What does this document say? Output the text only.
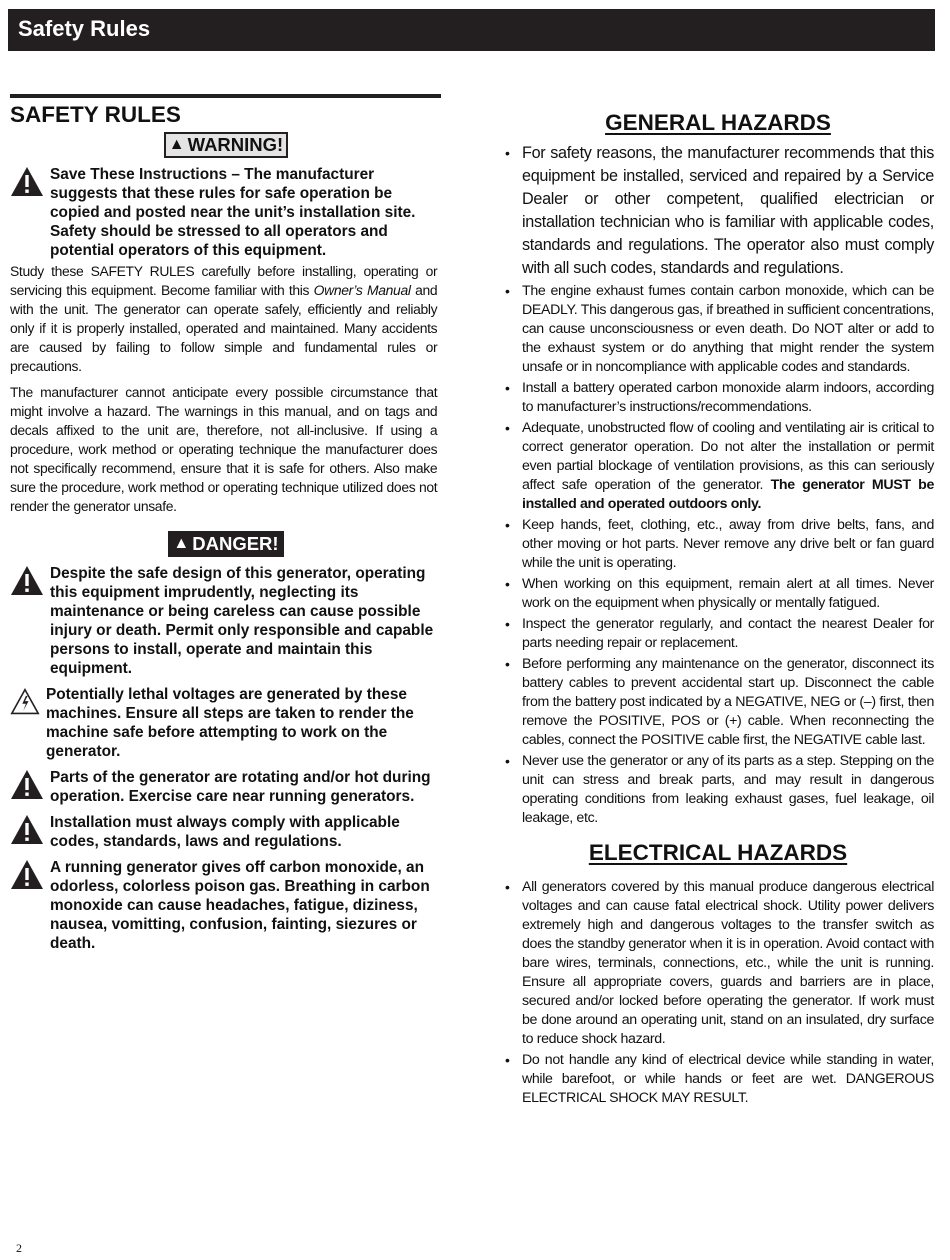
Safety Rules
SAFETY RULES
▲ WARNING!
Save These Instructions – The manufacturer suggests that these rules for safe operation be copied and posted near the unit’s installation site. Safety should be stressed to all operators and potential operators of this equipment.
Study these SAFETY RULES carefully before installing, operating or servicing this equipment. Become familiar with this Owner’s Manual and with the unit. The generator can operate safely, efficiently and reliably only if it is properly installed, operated and maintained. Many accidents are caused by failing to follow simple and fundamental rules or precautions.
The manufacturer cannot anticipate every possible circumstance that might involve a hazard. The warnings in this manual, and on tags and decals affixed to the unit are, therefore, not all-inclusive. If using a procedure, work method or operating technique the manufacturer does not specifically recommend, ensure that it is safe for others. Also make sure the procedure, work method or operating technique utilized does not render the generator unsafe.
▲ DANGER!
Despite the safe design of this generator, operating this equipment imprudently, neglecting its maintenance or being careless can cause possible injury or death. Permit only responsible and capable persons to install, operate and maintain this equipment.
Potentially lethal voltages are generated by these machines. Ensure all steps are taken to render the machine safe before attempting to work on the generator.
Parts of the generator are rotating and/or hot during operation. Exercise care near running generators.
Installation must always comply with applicable codes, standards, laws and regulations.
A running generator gives off carbon monoxide, an odorless, colorless poison gas. Breathing in carbon monoxide can cause headaches, fatigue, diziness, nausea, vomitting, confusion, fainting, siezures or death.
GENERAL HAZARDS
• For safety reasons, the manufacturer recommends that this equipment be installed, serviced and repaired by a Service Dealer or other competent, qualified electrician or installation technician who is familiar with applicable codes, standards and regulations. The operator also must comply with all such codes, standards and regulations.
• The engine exhaust fumes contain carbon monoxide, which can be DEADLY. This dangerous gas, if breathed in sufficient concentrations, can cause unconsciousness or even death. Do NOT alter or add to the exhaust system or do anything that might render the system unsafe or in noncompliance with applicable codes and standards.
• Install a battery operated carbon monoxide alarm indoors, according to manufacturer’s instructions/recommendations.
• Adequate, unobstructed flow of cooling and ventilating air is critical to correct generator operation. Do not alter the installation or permit even partial blockage of ventilation provisions, as this can seriously affect safe operation of the generator. The generator MUST be installed and operated outdoors only.
• Keep hands, feet, clothing, etc., away from drive belts, fans, and other moving or hot parts. Never remove any drive belt or fan guard while the unit is operating.
• When working on this equipment, remain alert at all times. Never work on the equipment when physically or mentally fatigued.
• Inspect the generator regularly, and contact the nearest Dealer for parts needing repair or replacement.
• Before performing any maintenance on the generator, disconnect its battery cables to prevent accidental start up. Disconnect the cable from the battery post indicated by a NEGATIVE, NEG or (–) first, then remove the POSITIVE, POS or (+) cable. When reconnecting the cables, connect the POSITIVE cable first, the NEGATIVE cable last.
• Never use the generator or any of its parts as a step. Stepping on the unit can stress and break parts, and may result in dangerous operating conditions from leaking exhaust gases, fuel leakage, oil leakage, etc.
ELECTRICAL HAZARDS
• All generators covered by this manual produce dangerous electrical voltages and can cause fatal electrical shock. Utility power delivers extremely high and dangerous voltages to the transfer switch as does the standby generator when it is in operation. Avoid contact with bare wires, terminals, connections, etc., while the unit is running. Ensure all appropriate covers, guards and barriers are in place, secured and/or locked before operating the generator. If work must be done around an operating unit, stand on an insulated, dry surface to reduce shock hazard.
• Do not handle any kind of electrical device while standing in water, while barefoot, or while hands or feet are wet. DANGEROUS ELECTRICAL SHOCK MAY RESULT.
2
